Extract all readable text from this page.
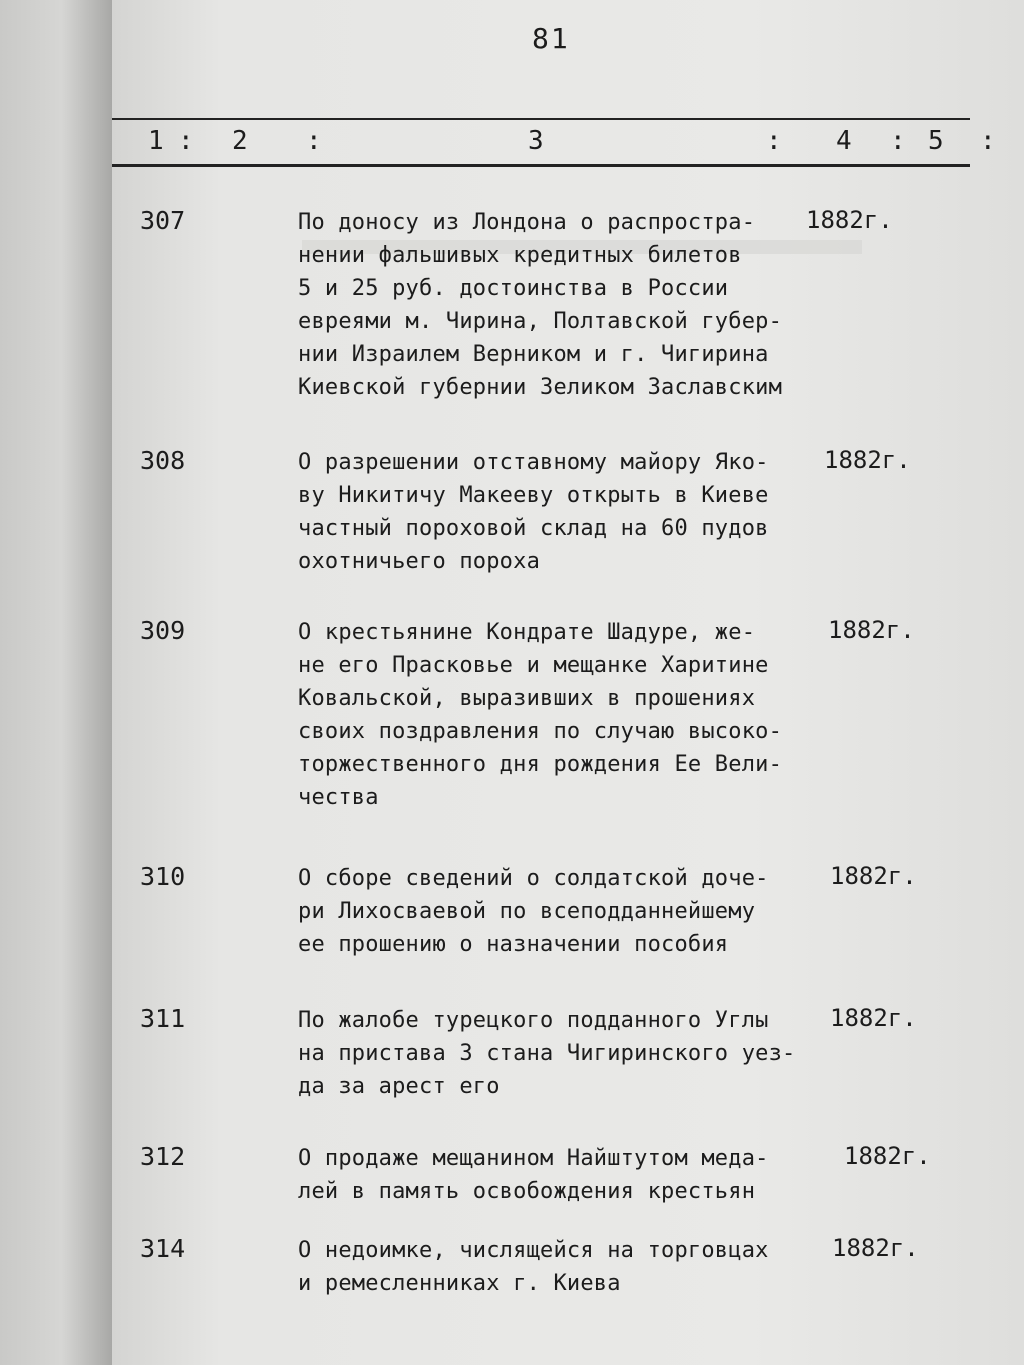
81
1 : 2 :	3	: 4 : 5 :
307	По доносу из Лондона о распростра-
нении фальшивых кредитных билетов
5 и 25 руб. достоинства в России
евреями м. Чирина, Полтавской губер-
нии Израилем Верником и г. Чигирина
Киевской губернии Зеликом Заславским
1882г.
308	О разрешении отставному майору Яко-
ву Никитичу Макееву открыть в Киеве
частный пороховой склад на 60 пудов
охотничьего пороха
1882г.
309	О крестьянине Кондрате Шадуре, же-
не его Прасковье и мещанке Харитине
Ковальской, выразивших в прошениях
своих поздравления по случаю высоко-
торжественного дня рождения Ее Вели-
чества
1882г.
310	О сборе сведений о солдатской доче-
ри Лихосваевой по всеподданнейшему
ее прошению о назначении пособия
1882г.
311	По жалобе турецкого подданного Углы
на пристава 3 стана Чигиринского уез-
да за арест его
1882г.
312	О продаже мещанином Найштутом меда-
лей в память освобождения крестьян
1882г.
314	О недоимке, числящейся на торговцах
и ремесленниках г. Киева
1882г.
